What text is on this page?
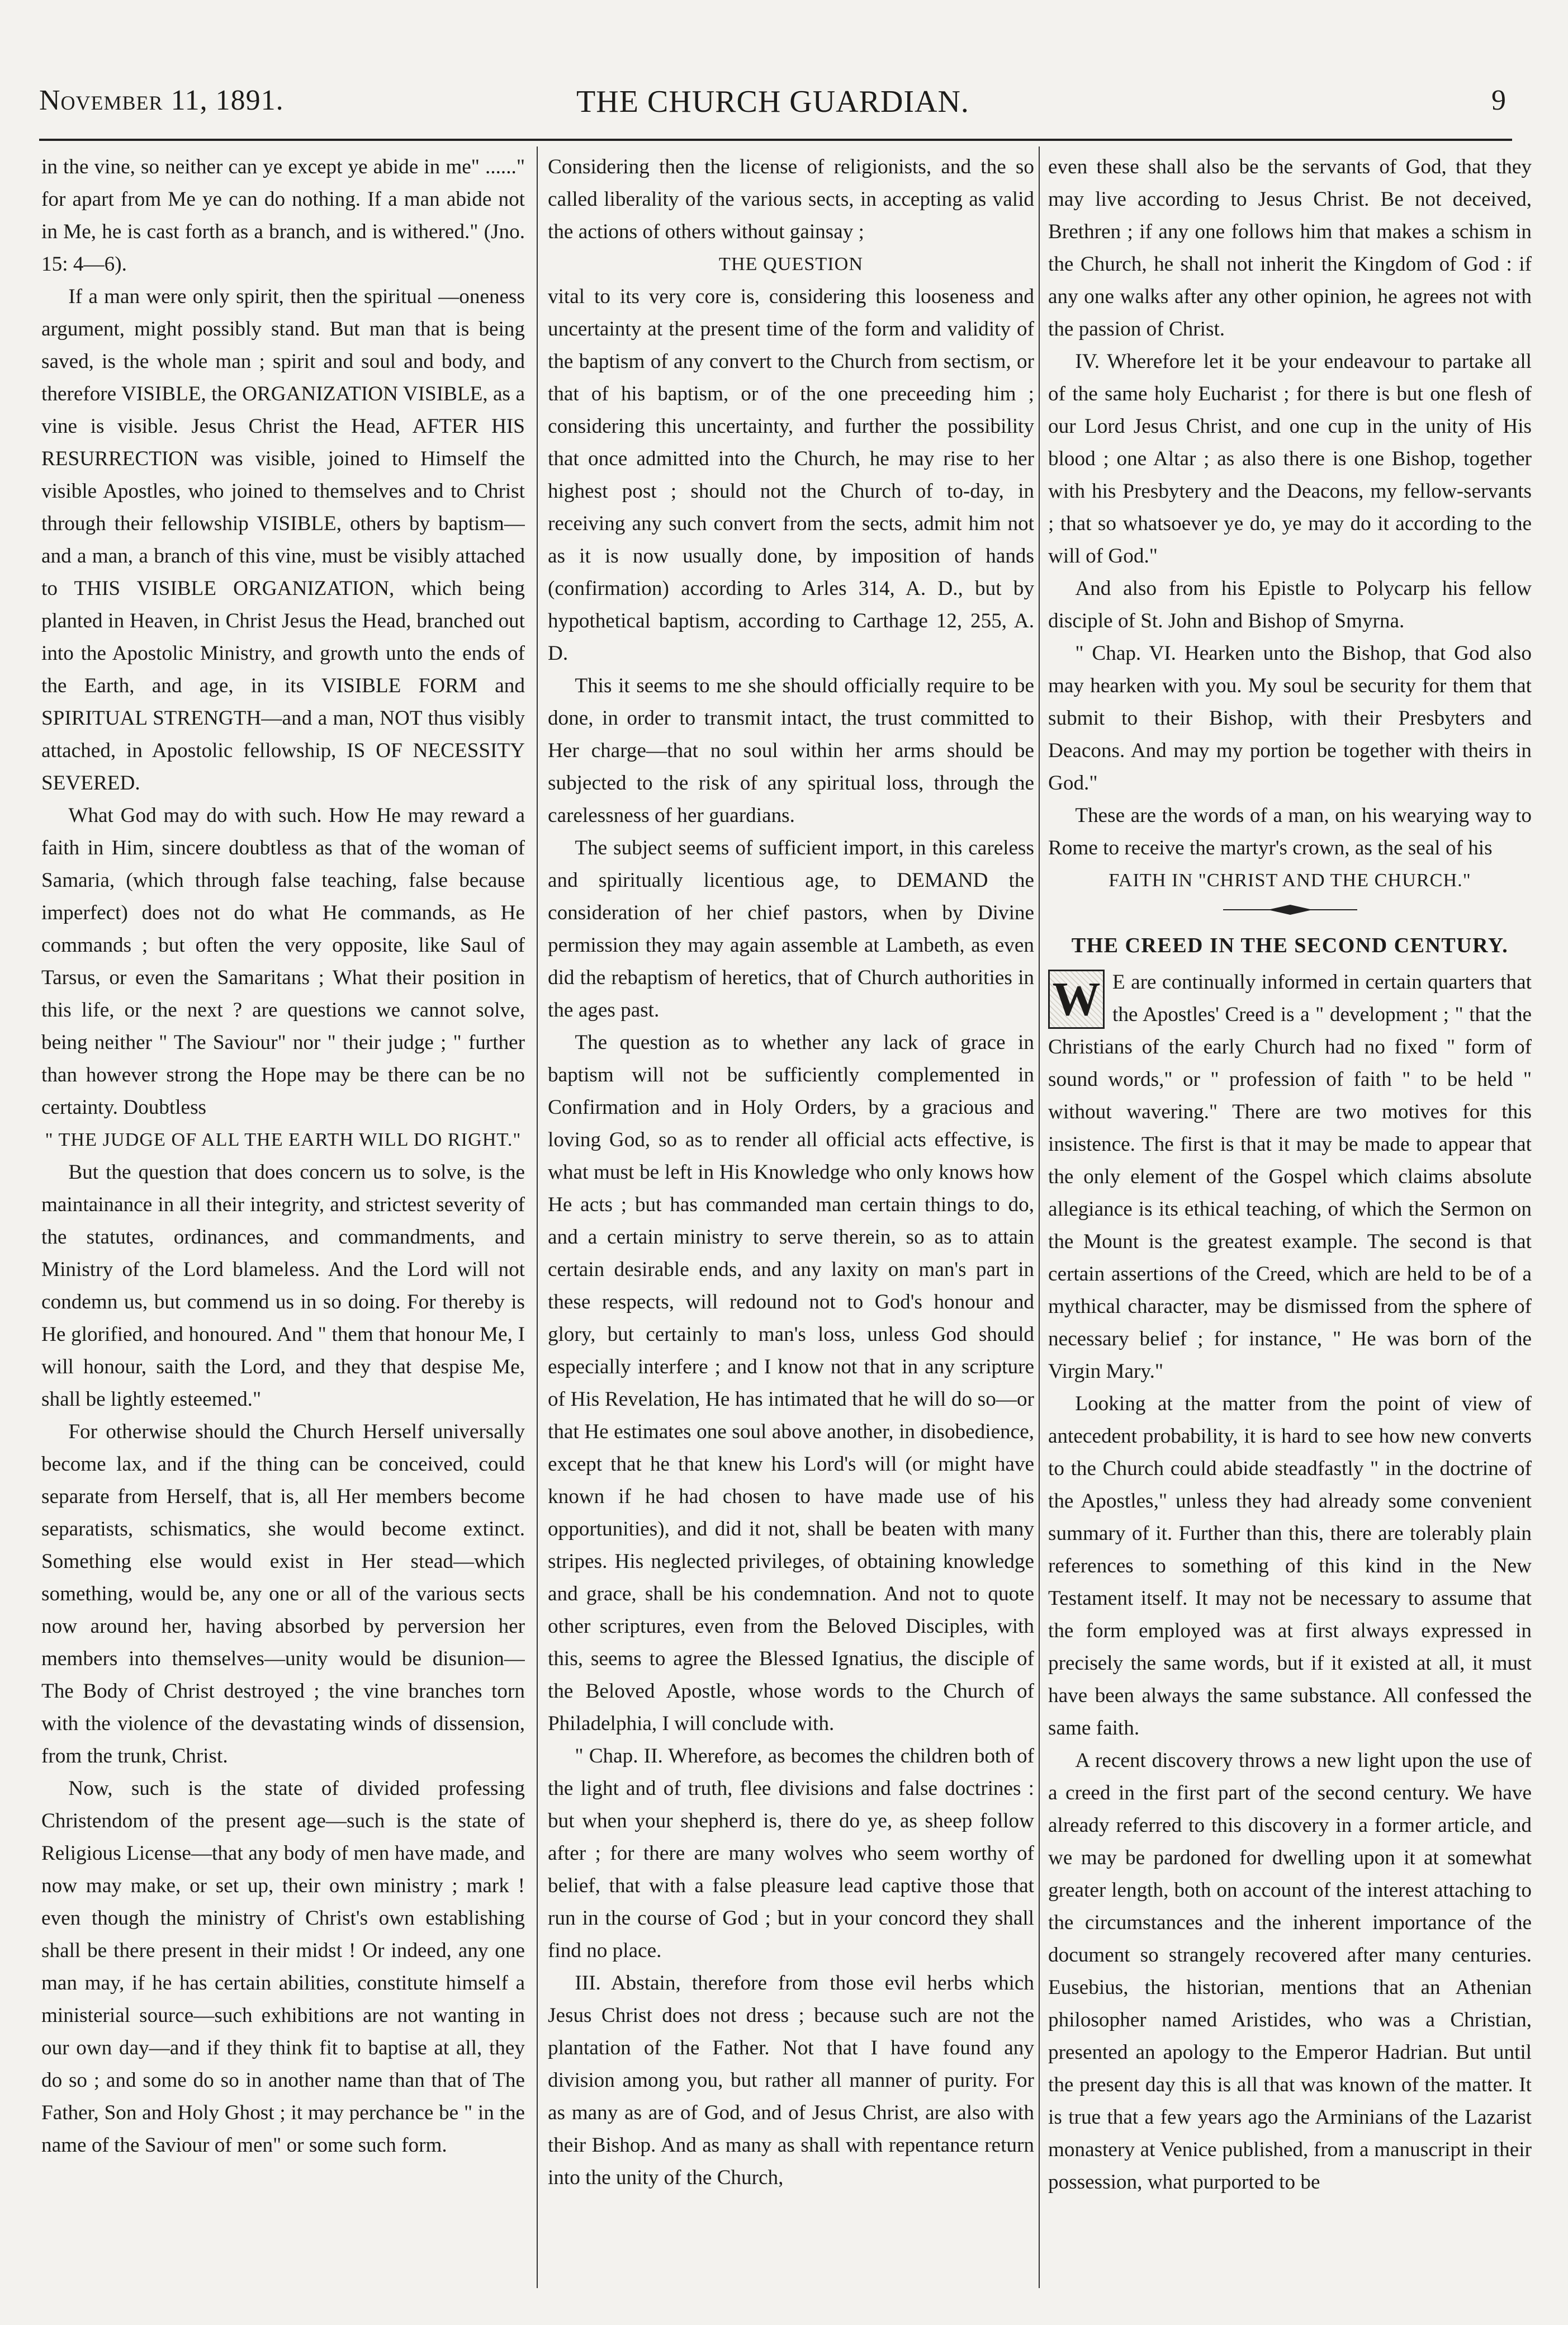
November 11, 1891.	THE CHURCH GUARDIAN.	9

in the vine, so neither can ye except ye abide in me" ......" for apart from Me ye can do nothing. If a man abide not in Me, he is cast forth as a branch, and is withered." (Jno. 15: 4—6).

If a man were only spirit, then the spiritual —oneness argument, might possibly stand. But man that is being saved, is the whole man ; spirit and soul and body, and therefore VISIBLE, the ORGANIZATION VISIBLE, as a vine is visible. Jesus Christ the Head, AFTER HIS RESURRECTION was visible, joined to Himself the visible Apostles, who joined to themselves and to Christ through their fellowship VISIBLE, others by baptism—and a man, a branch of this vine, must be visibly attached to THIS VISIBLE ORGANIZATION, which being planted in Heaven, in Christ Jesus the Head, branched out into the Apostolic Ministry, and growth unto the ends of the Earth, and age, in its VISIBLE FORM and SPIRITUAL STRENGTH—and a man, NOT thus visibly attached, in Apostolic fellowship, IS OF NECESSITY SEVERED.

What God may do with such. How He may reward a faith in Him, sincere doubtless as that of the woman of Samaria, (which through false teaching, false because imperfect) does not do what He commands, as He commands ; but often the very opposite, like Saul of Tarsus, or even the Samaritans ; What their position in this life, or the next ? are questions we cannot solve, being neither " The Saviour" nor " their judge ; " further than however strong the Hope may be there can be no certainty. Doubtless

" THE JUDGE OF ALL THE EARTH WILL DO RIGHT."

But the question that does concern us to solve, is the maintainance in all their integrity, and strictest severity of the statutes, ordinances, and commandments, and Ministry of the Lord blameless. And the Lord will not condemn us, but commend us in so doing. For thereby is He glorified, and honoured. And " them that honour Me, I will honour, saith the Lord, and they that despise Me, shall be lightly esteemed."

For otherwise should the Church Herself universally become lax, and if the thing can be conceived, could separate from Herself, that is, all Her members become separatists, schismatics, she would become extinct. Something else would exist in Her stead—which something, would be, any one or all of the various sects now around her, having absorbed by perversion her members into themselves—unity would be disunion—The Body of Christ destroyed ; the vine branches torn with the violence of the devastating winds of dissension, from the trunk, Christ.

Now, such is the state of divided professing Christendom of the present age—such is the state of Religious License—that any body of men have made, and now may make, or set up, their own ministry ; mark ! even though the ministry of Christ's own establishing shall be there present in their midst ! Or indeed, any one man may, if he has certain abilities, constitute himself a ministerial source—such exhibitions are not wanting in our own day—and if they think fit to baptise at all, they do so ; and some do so in another name than that of The Father, Son and Holy Ghost ; it may perchance be " in the name of the Saviour of men" or some such form.

Considering then the license of religionists, and the so called liberality of the various sects, in accepting as valid the actions of others without gainsay ;

THE QUESTION

vital to its very core is, considering this looseness and uncertainty at the present time of the form and validity of the baptism of any convert to the Church from sectism, or that of his baptism, or of the one preceeding him ; considering this uncertainty, and further the possibility that once admitted into the Church, he may rise to her highest post ; should not the Church of to-day, in receiving any such convert from the sects, admit him not as it is now usually done, by imposition of hands (confirmation) according to Arles 314, A. D., but by hypothetical baptism, according to Carthage 12, 255, A. D.

This it seems to me she should officially require to be done, in order to transmit intact, the trust committed to Her charge—that no soul within her arms should be subjected to the risk of any spiritual loss, through the carelessness of her guardians.

The subject seems of sufficient import, in this careless and spiritually licentious age, to DEMAND the consideration of her chief pastors, when by Divine permission they may again assemble at Lambeth, as even did the rebaptism of heretics, that of Church authorities in the ages past.

The question as to whether any lack of grace in baptism will not be sufficiently complemented in Confirmation and in Holy Orders, by a gracious and loving God, so as to render all official acts effective, is what must be left in His Knowledge who only knows how He acts ; but has commanded man certain things to do, and a certain ministry to serve therein, so as to attain certain desirable ends, and any laxity on man's part in these respects, will redound not to God's honour and glory, but certainly to man's loss, unless God should especially interfere ; and I know not that in any scripture of His Revelation, He has intimated that he will do so—or that He estimates one soul above another, in disobedience, except that he that knew his Lord's will (or might have known if he had chosen to have made use of his opportunities), and did it not, shall be beaten with many stripes. His neglected privileges, of obtaining knowledge and grace, shall be his condemnation. And not to quote other scriptures, even from the Beloved Disciples, with this, seems to agree the Blessed Ignatius, the disciple of the Beloved Apostle, whose words to the Church of Philadelphia, I will conclude with.

" Chap. II. Wherefore, as becomes the children both of the light and of truth, flee divisions and false doctrines : but when your shepherd is, there do ye, as sheep follow after ; for there are many wolves who seem worthy of belief, that with a false pleasure lead captive those that run in the course of God ; but in your concord they shall find no place.

III. Abstain, therefore from those evil herbs which Jesus Christ does not dress ; because such are not the plantation of the Father. Not that I have found any division among you, but rather all manner of purity. For as many as are of God, and of Jesus Christ, are also with their Bishop. And as many as shall with repentance return into the unity of the Church,

even these shall also be the servants of God, that they may live according to Jesus Christ. Be not deceived, Brethren ; if any one follows him that makes a schism in the Church, he shall not inherit the Kingdom of God : if any one walks after any other opinion, he agrees not with the passion of Christ.

IV. Wherefore let it be your endeavour to partake all of the same holy Eucharist ; for there is but one flesh of our Lord Jesus Christ, and one cup in the unity of His blood ; one Altar ; as also there is one Bishop, together with his Presbytery and the Deacons, my fellow-servants ; that so whatsoever ye do, ye may do it according to the will of God."

And also from his Epistle to Polycarp his fellow disciple of St. John and Bishop of Smyrna.

" Chap. VI. Hearken unto the Bishop, that God also may hearken with you. My soul be security for them that submit to their Bishop, with their Presbyters and Deacons. And may my portion be together with theirs in God."

These are the words of a man, on his wearying way to Rome to receive the martyr's crown, as the seal of his

FAITH IN "CHRIST AND THE CHURCH."

THE CREED IN THE SECOND CENTURY.

W E are continually informed in certain quarters that the Apostles' Creed is a " development ; " that the Christians of the early Church had no fixed " form of sound words," or " profession of faith " to be held " without wavering." There are two motives for this insistence. The first is that it may be made to appear that the only element of the Gospel which claims absolute allegiance is its ethical teaching, of which the Sermon on the Mount is the greatest example. The second is that certain assertions of the Creed, which are held to be of a mythical character, may be dismissed from the sphere of necessary belief ; for instance, " He was born of the Virgin Mary."

Looking at the matter from the point of view of antecedent probability, it is hard to see how new converts to the Church could abide steadfastly " in the doctrine of the Apostles," unless they had already some convenient summary of it. Further than this, there are tolerably plain references to something of this kind in the New Testament itself. It may not be necessary to assume that the form employed was at first always expressed in precisely the same words, but if it existed at all, it must have been always the same substance. All confessed the same faith.

A recent discovery throws a new light upon the use of a creed in the first part of the second century. We have already referred to this discovery in a former article, and we may be pardoned for dwelling upon it at somewhat greater length, both on account of the interest attaching to the circumstances and the inherent importance of the document so strangely recovered after many centuries. Eusebius, the historian, mentions that an Athenian philosopher named Aristides, who was a Christian, presented an apology to the Emperor Hadrian. But until the present day this is all that was known of the matter. It is true that a few years ago the Arminians of the Lazarist monastery at Venice published, from a manuscript in their possession, what purported to be
